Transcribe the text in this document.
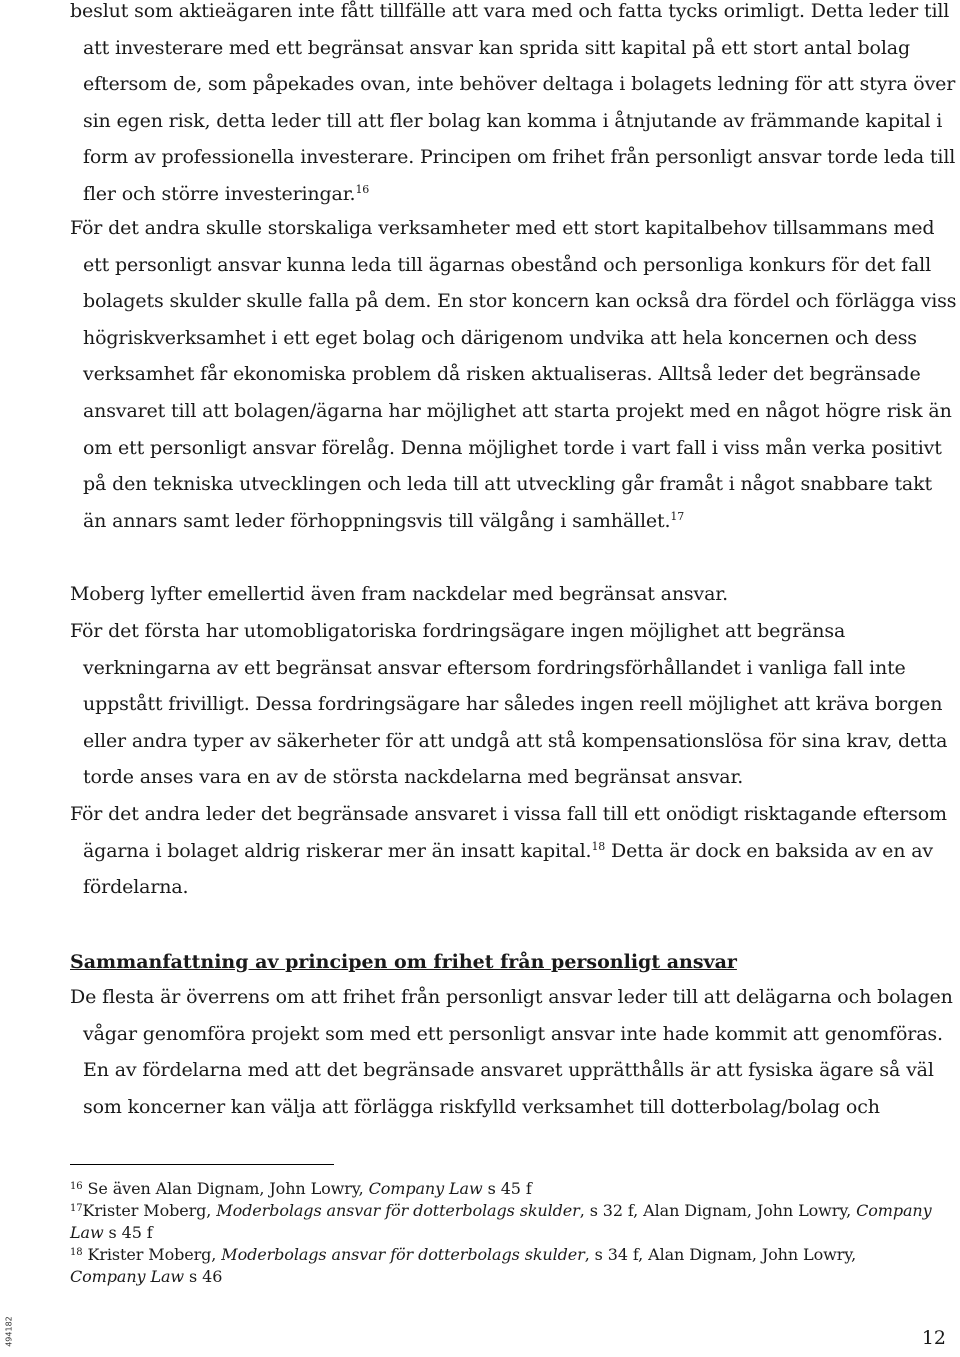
beslut som aktieägaren inte fått tillfälle att vara med och fatta tycks orimligt. Detta leder till att investerare med ett begränsat ansvar kan sprida sitt kapital på ett stort antal bolag eftersom de, som påpekades ovan, inte behöver deltaga i bolagets ledning för att styra över sin egen risk, detta leder till att fler bolag kan komma i åtnjutande av främmande kapital i form av professionella investerare. Principen om frihet från personligt ansvar torde leda till fler och större investeringar.$^{16}$

För det andra skulle storskaliga verksamheter med ett stort kapitalbehov tillsammans med ett personligt ansvar kunna leda till ägarnas obestånd och personliga konkurs för det fall bolagets skulder skulle falla på dem. En stor koncern kan också dra fördel och förlägga viss högriskverksamhet i ett eget bolag och därigenom undvika att hela koncernen och dess verksamhet får ekonomiska problem då risken aktualiseras. Alltså leder det begränsade ansvaret till att bolagen/ägarna har möjlighet att starta projekt med en något högre risk än om ett personligt ansvar förelåg. Denna möjlighet torde i vart fall i viss mån verka positivt på den tekniska utvecklingen och leda till att utveckling går framåt i något snabbare takt än annars samt leder förhoppningsvis till välgång i samhället.$^{17}$

Moberg lyfter emellertid även fram nackdelar med begränsat ansvar.

För det första har utomobligatoriska fordringsägare ingen möjlighet att begränsa verkningarna av ett begränsat ansvar eftersom fordringsförhållandet i vanliga fall inte uppstått frivilligt. Dessa fordringsägare har således ingen reell möjlighet att kräva borgen eller andra typer av säkerheter för att undgå att stå kompensationslösa för sina krav, detta torde anses vara en av de största nackdelarna med begränsat ansvar.

För det andra leder det begränsade ansvaret i vissa fall till ett onödigt risktagande eftersom ägarna i bolaget aldrig riskerar mer än insatt kapital.$^{18}$ Detta är dock en baksida av en av fördelarna.

Sammanfattning av principen om frihet från personligt ansvar

De flesta är överrens om att frihet från personligt ansvar leder till att delägarna och bolagen vågar genomföra projekt som med ett personligt ansvar inte hade kommit att genomföras.

En av fördelarna med att det begränsade ansvaret upprätthålls är att fysiska ägare så väl som koncerner kan välja att förlägga riskfylld verksamhet till dotterbolag/bolag och

$^{16}$ Se även Alan Dignam, John Lowry, Company Law s 45 f

$^{17}$Krister Moberg, Moderbolags ansvar för dotterbolags skulder, s 32 f, Alan Dignam, John Lowry, Company Law s 45 f

$^{18}$ Krister Moberg, Moderbolags ansvar för dotterbolags skulder, s 34 f, Alan Dignam, John Lowry, Company Law s 46

494182	12
